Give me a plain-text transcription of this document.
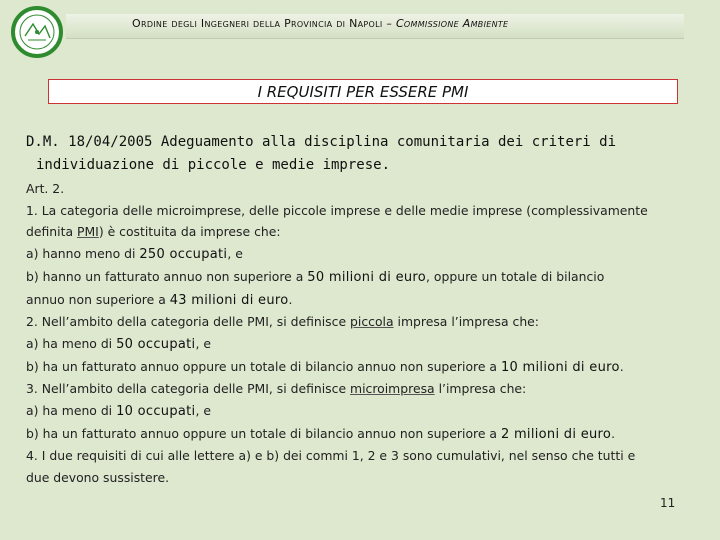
Ordine degli Ingegneri della Provincia di Napoli – Commissione Ambiente
I REQUISITI PER ESSERE PMI
D.M. 18/04/2005 Adeguamento alla disciplina comunitaria dei criteri di
individuazione di piccole e medie imprese.

Art. 2.

1. La categoria delle microimprese, delle piccole imprese e delle medie imprese (complessivamente

definita PMI) è costituita da imprese che:

a) hanno meno di 250 occupati, e

b) hanno un fatturato annuo non superiore a 50 milioni di euro, oppure un totale di bilancio

annuo non superiore a 43 milioni di euro.

2. Nell’ambito della categoria delle PMI, si definisce piccola impresa l’impresa che:

a) ha meno di 50 occupati, e

b) ha un fatturato annuo oppure un totale di bilancio annuo non superiore a 10 milioni di euro.

3. Nell’ambito della categoria delle PMI, si definisce microimpresa l’impresa che:

a) ha meno di 10 occupati, e

b) ha un fatturato annuo oppure un totale di bilancio annuo non superiore a 2 milioni di euro.

4. I due requisiti di cui alle lettere a) e b) dei commi 1, 2 e 3 sono cumulativi, nel senso che tutti e

due devono sussistere.

11
